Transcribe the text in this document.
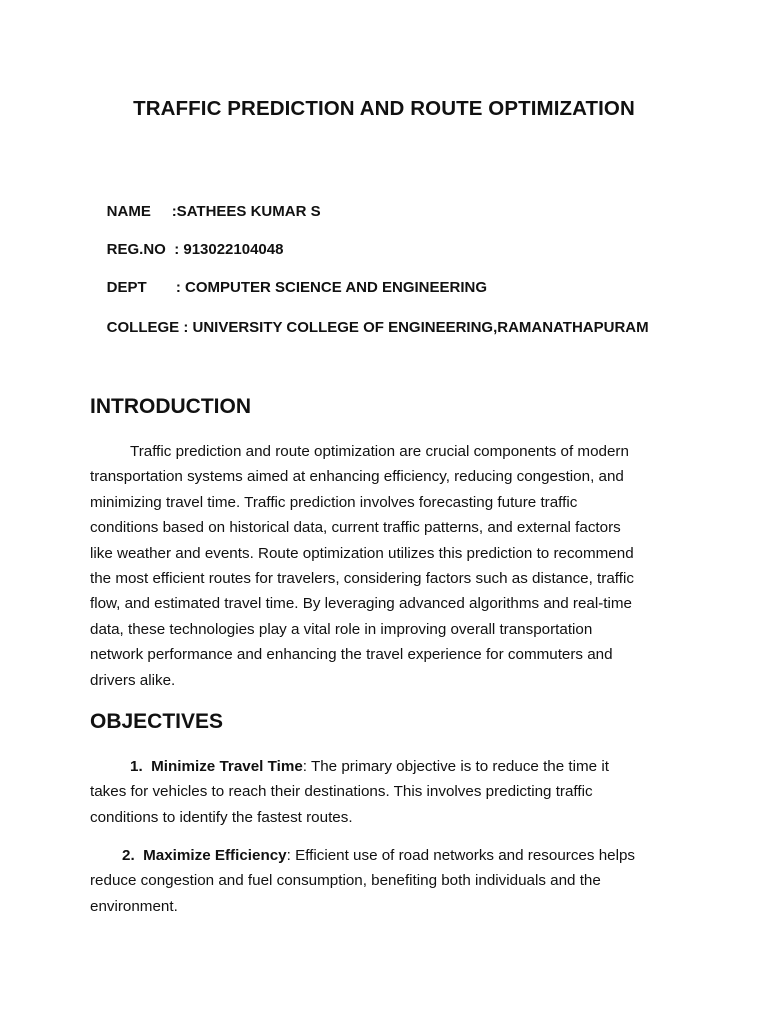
TRAFFIC PREDICTION AND ROUTE OPTIMIZATION

NAME     :SATHEES KUMAR S

REG.NO  : 913022104048

DEPT       : COMPUTER SCIENCE AND ENGINEERING

COLLEGE : UNIVERSITY COLLEGE OF ENGINEERING,RAMANATHAPURAM

INTRODUCTION
Traffic prediction and route optimization are crucial components of modern
transportation systems aimed at enhancing efficiency, reducing congestion, and
minimizing travel time. Traffic prediction involves forecasting future traffic
conditions based on historical data, current traffic patterns, and external factors
like weather and events. Route optimization utilizes this prediction to recommend
the most efficient routes for travelers, considering factors such as distance, traffic
flow, and estimated travel time. By leveraging advanced algorithms and real-time
data, these technologies play a vital role in improving overall transportation
network performance and enhancing the travel experience for commuters and
drivers alike.
OBJECTIVES
1. Minimize Travel Time: The primary objective is to reduce the time it
takes for vehicles to reach their destinations. This involves predicting traffic
conditions to identify the fastest routes.
2. Maximize Efficiency: Efficient use of road networks and resources helps
reduce congestion and fuel consumption, benefiting both individuals and the
environment.
